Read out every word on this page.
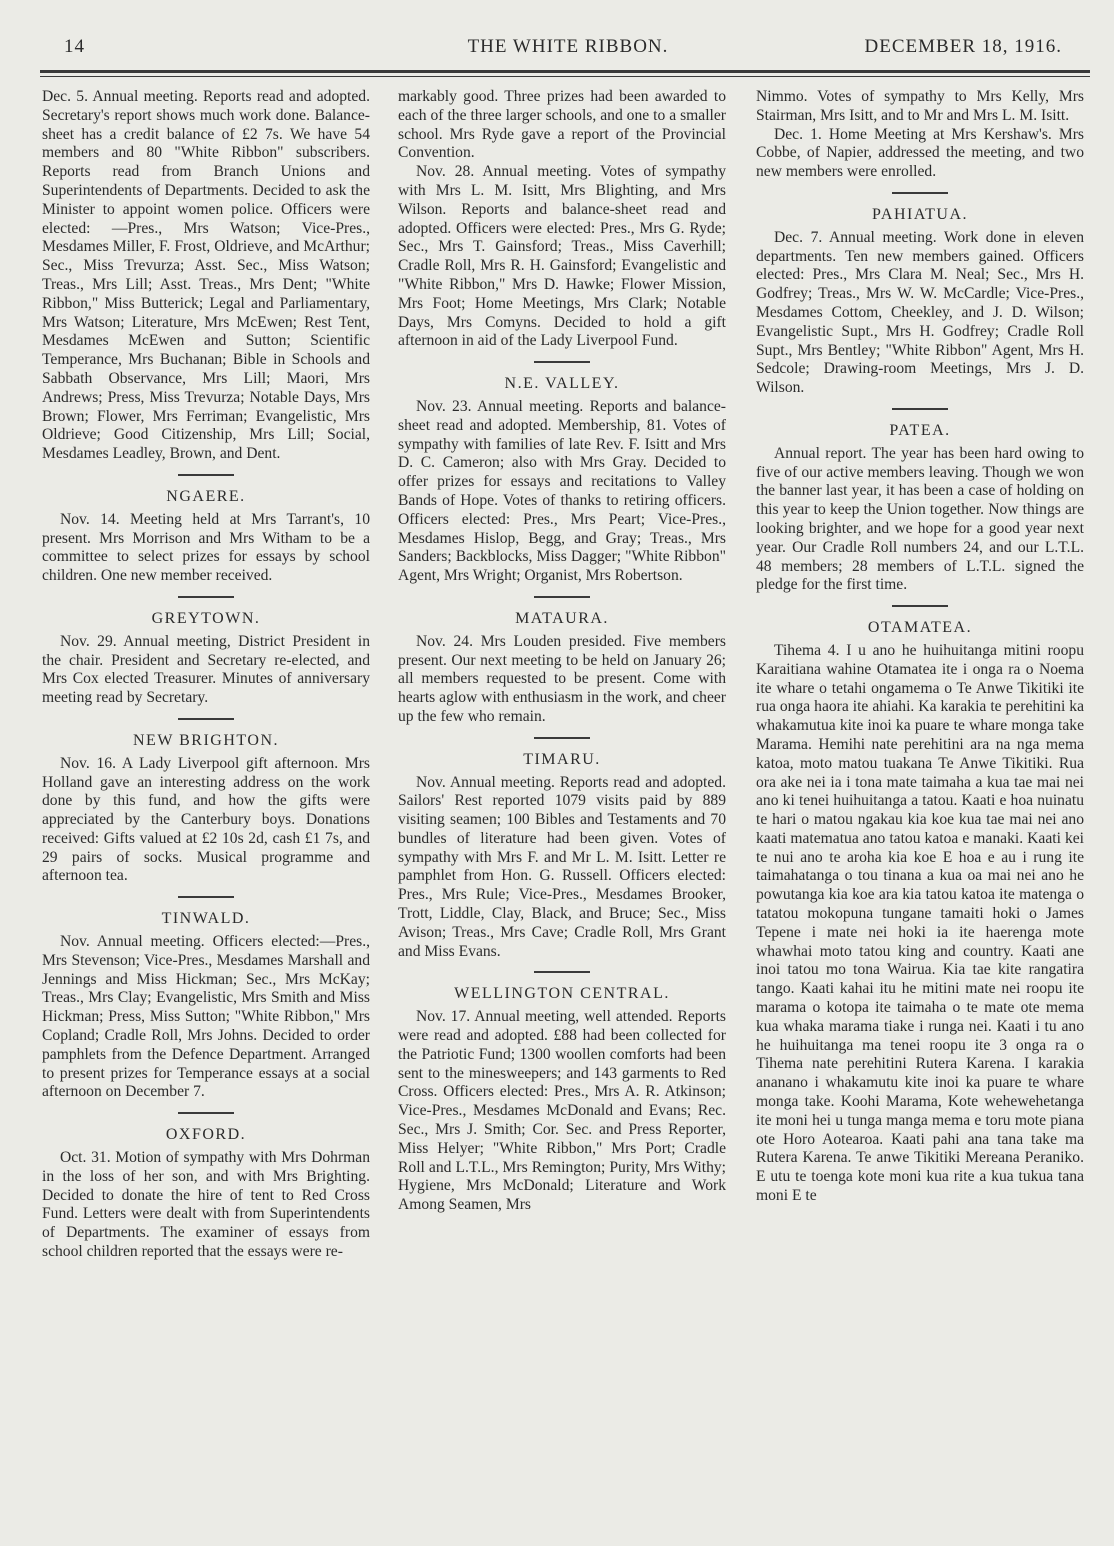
14	THE WHITE RIBBON.	DECEMBER 18, 1916.

Dec. 5. Annual meeting. Reports read and adopted. Secretary's report shows much work done. Balance-sheet has a credit balance of £2 7s. We have 54 members and 80 "White Ribbon" subscribers. Reports read from Branch Unions and Superintendents of Departments. Decided to ask the Minister to appoint women police. Officers were elected: —Pres., Mrs Watson; Vice-Pres., Mesdames Miller, F. Frost, Oldrieve, and McArthur; Sec., Miss Trevurza; Asst. Sec., Miss Watson; Treas., Mrs Lill; Asst. Treas., Mrs Dent; "White Ribbon," Miss Butterick; Legal and Parliamentary, Mrs Watson; Literature, Mrs McEwen; Rest Tent, Mesdames McEwen and Sutton; Scientific Temperance, Mrs Buchanan; Bible in Schools and Sabbath Observance, Mrs Lill; Maori, Mrs Andrews; Press, Miss Trevurza; Notable Days, Mrs Brown; Flower, Mrs Ferriman; Evangelistic, Mrs Oldrieve; Good Citizenship, Mrs Lill; Social, Mesdames Leadley, Brown, and Dent.

NGAERE.

Nov. 14. Meeting held at Mrs Tarrant's, 10 present. Mrs Morrison and Mrs Witham to be a committee to select prizes for essays by school children. One new member received.

GREYTOWN.

Nov. 29. Annual meeting, District President in the chair. President and Secretary re-elected, and Mrs Cox elected Treasurer. Minutes of anniversary meeting read by Secretary.

NEW BRIGHTON.

Nov. 16. A Lady Liverpool gift afternoon. Mrs Holland gave an interesting address on the work done by this fund, and how the gifts were appreciated by the Canterbury boys. Donations received: Gifts valued at £2 10s 2d, cash £1 7s, and 29 pairs of socks. Musical programme and afternoon tea.

TINWALD.

Nov. Annual meeting. Officers elected:—Pres., Mrs Stevenson; Vice-Pres., Mesdames Marshall and Jennings and Miss Hickman; Sec., Mrs McKay; Treas., Mrs Clay; Evangelistic, Mrs Smith and Miss Hickman; Press, Miss Sutton; "White Ribbon," Mrs Copland; Cradle Roll, Mrs Johns. Decided to order pamphlets from the Defence Department. Arranged to present prizes for Temperance essays at a social afternoon on December 7.

OXFORD.

Oct. 31. Motion of sympathy with Mrs Dohrman in the loss of her son, and with Mrs Brighting. Decided to donate the hire of tent to Red Cross Fund. Letters were dealt with from Superintendents of Departments. The examiner of essays from school children reported that the essays were re-

markably good. Three prizes had been awarded to each of the three larger schools, and one to a smaller school. Mrs Ryde gave a report of the Provincial Convention.

Nov. 28. Annual meeting. Votes of sympathy with Mrs L. M. Isitt, Mrs Blighting, and Mrs Wilson. Reports and balance-sheet read and adopted. Officers were elected: Pres., Mrs G. Ryde; Sec., Mrs T. Gainsford; Treas., Miss Caverhill; Cradle Roll, Mrs R. H. Gainsford; Evangelistic and "White Ribbon," Mrs D. Hawke; Flower Mission, Mrs Foot; Home Meetings, Mrs Clark; Notable Days, Mrs Comyns. Decided to hold a gift afternoon in aid of the Lady Liverpool Fund.

N.E. VALLEY.

Nov. 23. Annual meeting. Reports and balance-sheet read and adopted. Membership, 81. Votes of sympathy with families of late Rev. F. Isitt and Mrs D. C. Cameron; also with Mrs Gray. Decided to offer prizes for essays and recitations to Valley Bands of Hope. Votes of thanks to retiring officers. Officers elected: Pres., Mrs Peart; Vice-Pres., Mesdames Hislop, Begg, and Gray; Treas., Mrs Sanders; Backblocks, Miss Dagger; "White Ribbon" Agent, Mrs Wright; Organist, Mrs Robertson.

MATAURA.

Nov. 24. Mrs Louden presided. Five members present. Our next meeting to be held on January 26; all members requested to be present. Come with hearts aglow with enthusiasm in the work, and cheer up the few who remain.

TIMARU.

Nov. Annual meeting. Reports read and adopted. Sailors' Rest reported 1079 visits paid by 889 visiting seamen; 100 Bibles and Testaments and 70 bundles of literature had been given. Votes of sympathy with Mrs F. and Mr L. M. Isitt. Letter re pamphlet from Hon. G. Russell. Officers elected: Pres., Mrs Rule; Vice-Pres., Mesdames Brooker, Trott, Liddle, Clay, Black, and Bruce; Sec., Miss Avison; Treas., Mrs Cave; Cradle Roll, Mrs Grant and Miss Evans.

WELLINGTON CENTRAL.

Nov. 17. Annual meeting, well attended. Reports were read and adopted. £88 had been collected for the Patriotic Fund; 1300 woollen comforts had been sent to the minesweepers; and 143 garments to Red Cross. Officers elected: Pres., Mrs A. R. Atkinson; Vice-Pres., Mesdames McDonald and Evans; Rec. Sec., Mrs J. Smith; Cor. Sec. and Press Reporter, Miss Helyer; "White Ribbon," Mrs Port; Cradle Roll and L.T.L., Mrs Remington; Purity, Mrs Withy; Hygiene, Mrs McDonald; Literature and Work Among Seamen, Mrs

Nimmo. Votes of sympathy to Mrs Kelly, Mrs Stairman, Mrs Isitt, and to Mr and Mrs L. M. Isitt.

Dec. 1. Home Meeting at Mrs Kershaw's. Mrs Cobbe, of Napier, addressed the meeting, and two new members were enrolled.

PAHIATUA.

Dec. 7. Annual meeting. Work done in eleven departments. Ten new members gained. Officers elected: Pres., Mrs Clara M. Neal; Sec., Mrs H. Godfrey; Treas., Mrs W. W. McCardle; Vice-Pres., Mesdames Cottom, Cheekley, and J. D. Wilson; Evangelistic Supt., Mrs H. Godfrey; Cradle Roll Supt., Mrs Bentley; "White Ribbon" Agent, Mrs H. Sedcole; Drawing-room Meetings, Mrs J. D. Wilson.

PATEA.

Annual report. The year has been hard owing to five of our active members leaving. Though we won the banner last year, it has been a case of holding on this year to keep the Union together. Now things are looking brighter, and we hope for a good year next year. Our Cradle Roll numbers 24, and our L.T.L. 48 members; 28 members of L.T.L. signed the pledge for the first time.

OTAMATEA.

Tihema 4. I u ano he huihuitanga mitini roopu Karaitiana wahine Otamatea ite i onga ra o Noema ite whare o tetahi ongamema o Te Anwe Tikitiki ite rua onga haora ite ahiahi. Ka karakia te perehitini ka whakamutua kite inoi ka puare te whare monga take Marama. Hemihi nate perehitini ara na nga mema katoa, moto matou tuakana Te Anwe Tikitiki. Rua ora ake nei ia i tona mate taimaha a kua tae mai nei ano ki tenei huihuitanga a tatou. Kaati e hoa nuinatu te hari o matou ngakau kia koe kua tae mai nei ano kaati matematua ano tatou katoa e manaki. Kaati kei te nui ano te aroha kia koe E hoa e au i rung ite taimahatanga o tou tinana a kua oa mai nei ano he powutanga kia koe ara kia tatou katoa ite matenga o tatatou mokopuna tungane tamaiti hoki o James Tepene i mate nei hoki ia ite haerenga mote whawhai moto tatou king and country. Kaati ane inoi tatou mo tona Wairua. Kia tae kite rangatira tango. Kaati kahai itu he mitini mate nei roopu ite marama o kotopa ite taimaha o te mate ote mema kua whaka marama tiake i runga nei. Kaati i tu ano he huihuitanga ma tenei roopu ite 3 onga ra o Tihema nate perehitini Rutera Karena. I karakia ananano i whakamutu kite inoi ka puare te whare monga take. Koohi Marama, Kote wehewehetanga ite moni hei u tunga manga mema e toru mote piana ote Horo Aotearoa. Kaati pahi ana tana take ma Rutera Karena. Te anwe Tikitiki Mereana Peraniko. E utu te toenga kote moni kua rite a kua tukua tana moni E te
